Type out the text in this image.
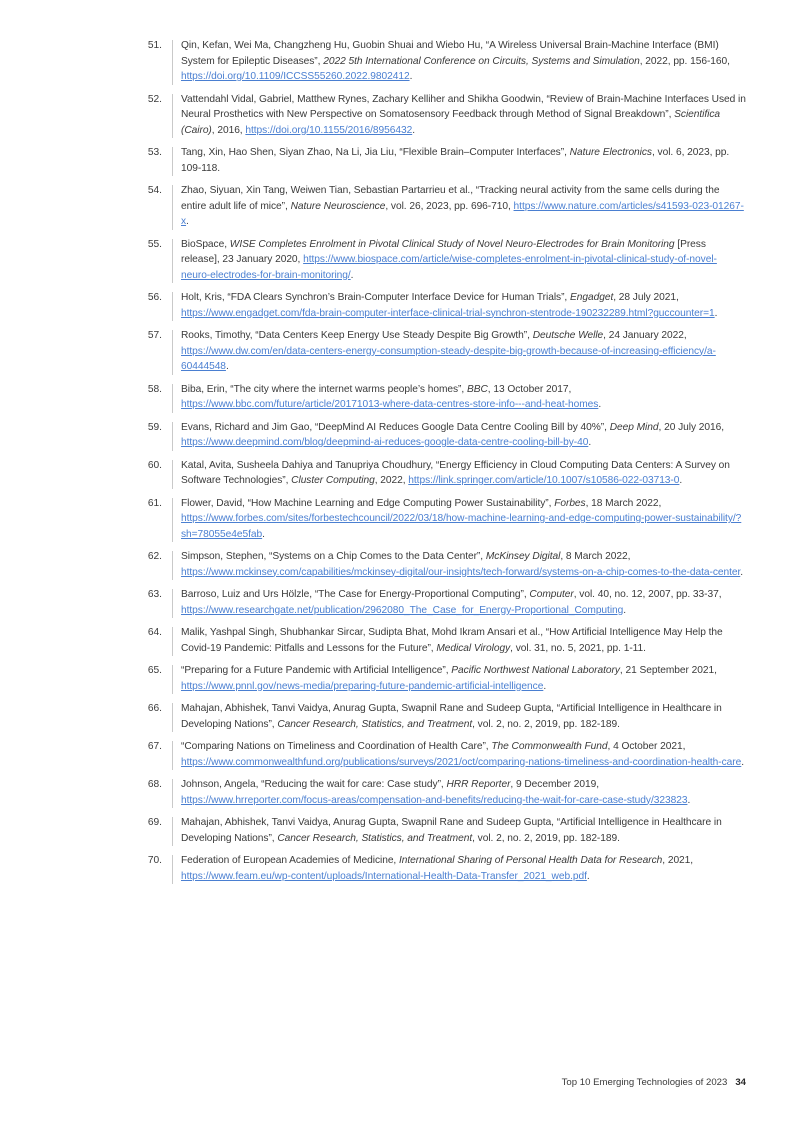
51.	Qin, Kefan, Wei Ma, Changzheng Hu, Guobin Shuai and Wiebo Hu, “A Wireless Universal Brain-Machine Interface (BMI) System for Epileptic Diseases”, 2022 5th International Conference on Circuits, Systems and Simulation, 2022, pp. 156-160, https://doi.org/10.1109/ICCSS55260.2022.9802412.
52.	Vattendahl Vidal, Gabriel, Matthew Rynes, Zachary Kelliher and Shikha Goodwin, “Review of Brain-Machine Interfaces Used in Neural Prosthetics with New Perspective on Somatosensory Feedback through Method of Signal Breakdown”, Scientifica (Cairo), 2016, https://doi.org/10.1155/2016/8956432.
53.	Tang, Xin, Hao Shen, Siyan Zhao, Na Li, Jia Liu, “Flexible Brain–Computer Interfaces”, Nature Electronics, vol. 6, 2023, pp. 109-118.
54.	Zhao, Siyuan, Xin Tang, Weiwen Tian, Sebastian Partarrieu et al., “Tracking neural activity from the same cells during the entire adult life of mice”, Nature Neuroscience, vol. 26, 2023, pp. 696-710, https://www.nature.com/articles/s41593-023-01267-x.
55.	BioSpace, WISE Completes Enrolment in Pivotal Clinical Study of Novel Neuro-Electrodes for Brain Monitoring [Press release], 23 January 2020, https://www.biospace.com/article/wise-completes-enrolment-in-pivotal-clinical-study-of-novel-neuro-electrodes-for-brain-monitoring/.
56.	Holt, Kris, “FDA Clears Synchron’s Brain-Computer Interface Device for Human Trials”, Engadget, 28 July 2021, https://www.engadget.com/fda-brain-computer-interface-clinical-trial-synchron-stentrode-190232289.html?guccounter=1.
57.	Rooks, Timothy, “Data Centers Keep Energy Use Steady Despite Big Growth”, Deutsche Welle, 24 January 2022, https://www.dw.com/en/data-centers-energy-consumption-steady-despite-big-growth-because-of-increasing-efficiency/a-60444548.
58.	Biba, Erin, “The city where the internet warms people’s homes”, BBC, 13 October 2017, https://www.bbc.com/future/article/20171013-where-data-centres-store-info---and-heat-homes.
59.	Evans, Richard and Jim Gao, “DeepMind AI Reduces Google Data Centre Cooling Bill by 40%”, Deep Mind, 20 July 2016, https://www.deepmind.com/blog/deepmind-ai-reduces-google-data-centre-cooling-bill-by-40.
60.	Katal, Avita, Susheela Dahiya and Tanupriya Choudhury, “Energy Efficiency in Cloud Computing Data Centers: A Survey on Software Technologies”, Cluster Computing, 2022, https://link.springer.com/article/10.1007/s10586-022-03713-0.
61.	Flower, David, “How Machine Learning and Edge Computing Power Sustainability”, Forbes, 18 March 2022, https://www.forbes.com/sites/forbestechcouncil/2022/03/18/how-machine-learning-and-edge-computing-power-sustainability/?sh=78055e4e5fab.
62.	Simpson, Stephen, “Systems on a Chip Comes to the Data Center”, McKinsey Digital, 8 March 2022, https://www.mckinsey.com/capabilities/mckinsey-digital/our-insights/tech-forward/systems-on-a-chip-comes-to-the-data-center.
63.	Barroso, Luiz and Urs Hölzle, “The Case for Energy-Proportional Computing”, Computer, vol. 40, no. 12, 2007, pp. 33-37, https://www.researchgate.net/publication/2962080_The_Case_for_Energy-Proportional_Computing.
64.	Malik, Yashpal Singh, Shubhankar Sircar, Sudipta Bhat, Mohd Ikram Ansari et al., “How Artificial Intelligence May Help the Covid-19 Pandemic: Pitfalls and Lessons for the Future”, Medical Virology, vol. 31, no. 5, 2021, pp. 1-11.
65.	“Preparing for a Future Pandemic with Artificial Intelligence”, Pacific Northwest National Laboratory, 21 September 2021, https://www.pnnl.gov/news-media/preparing-future-pandemic-artificial-intelligence.
66.	Mahajan, Abhishek, Tanvi Vaidya, Anurag Gupta, Swapnil Rane and Sudeep Gupta, “Artificial Intelligence in Healthcare in Developing Nations”, Cancer Research, Statistics, and Treatment, vol. 2, no. 2, 2019, pp. 182-189.
67.	“Comparing Nations on Timeliness and Coordination of Health Care”, The Commonwealth Fund, 4 October 2021, https://www.commonwealthfund.org/publications/surveys/2021/oct/comparing-nations-timeliness-and-coordination-health-care.
68.	Johnson, Angela, “Reducing the wait for care: Case study”, HRR Reporter, 9 December 2019, https://www.hrreporter.com/focus-areas/compensation-and-benefits/reducing-the-wait-for-care-case-study/323823.
69.	Mahajan, Abhishek, Tanvi Vaidya, Anurag Gupta, Swapnil Rane and Sudeep Gupta, “Artificial Intelligence in Healthcare in Developing Nations”, Cancer Research, Statistics, and Treatment, vol. 2, no. 2, 2019, pp. 182-189.
70.	Federation of European Academies of Medicine, International Sharing of Personal Health Data for Research, 2021, https://www.feam.eu/wp-content/uploads/International-Health-Data-Transfer_2021_web.pdf.
Top 10 Emerging Technologies of 2023 34
